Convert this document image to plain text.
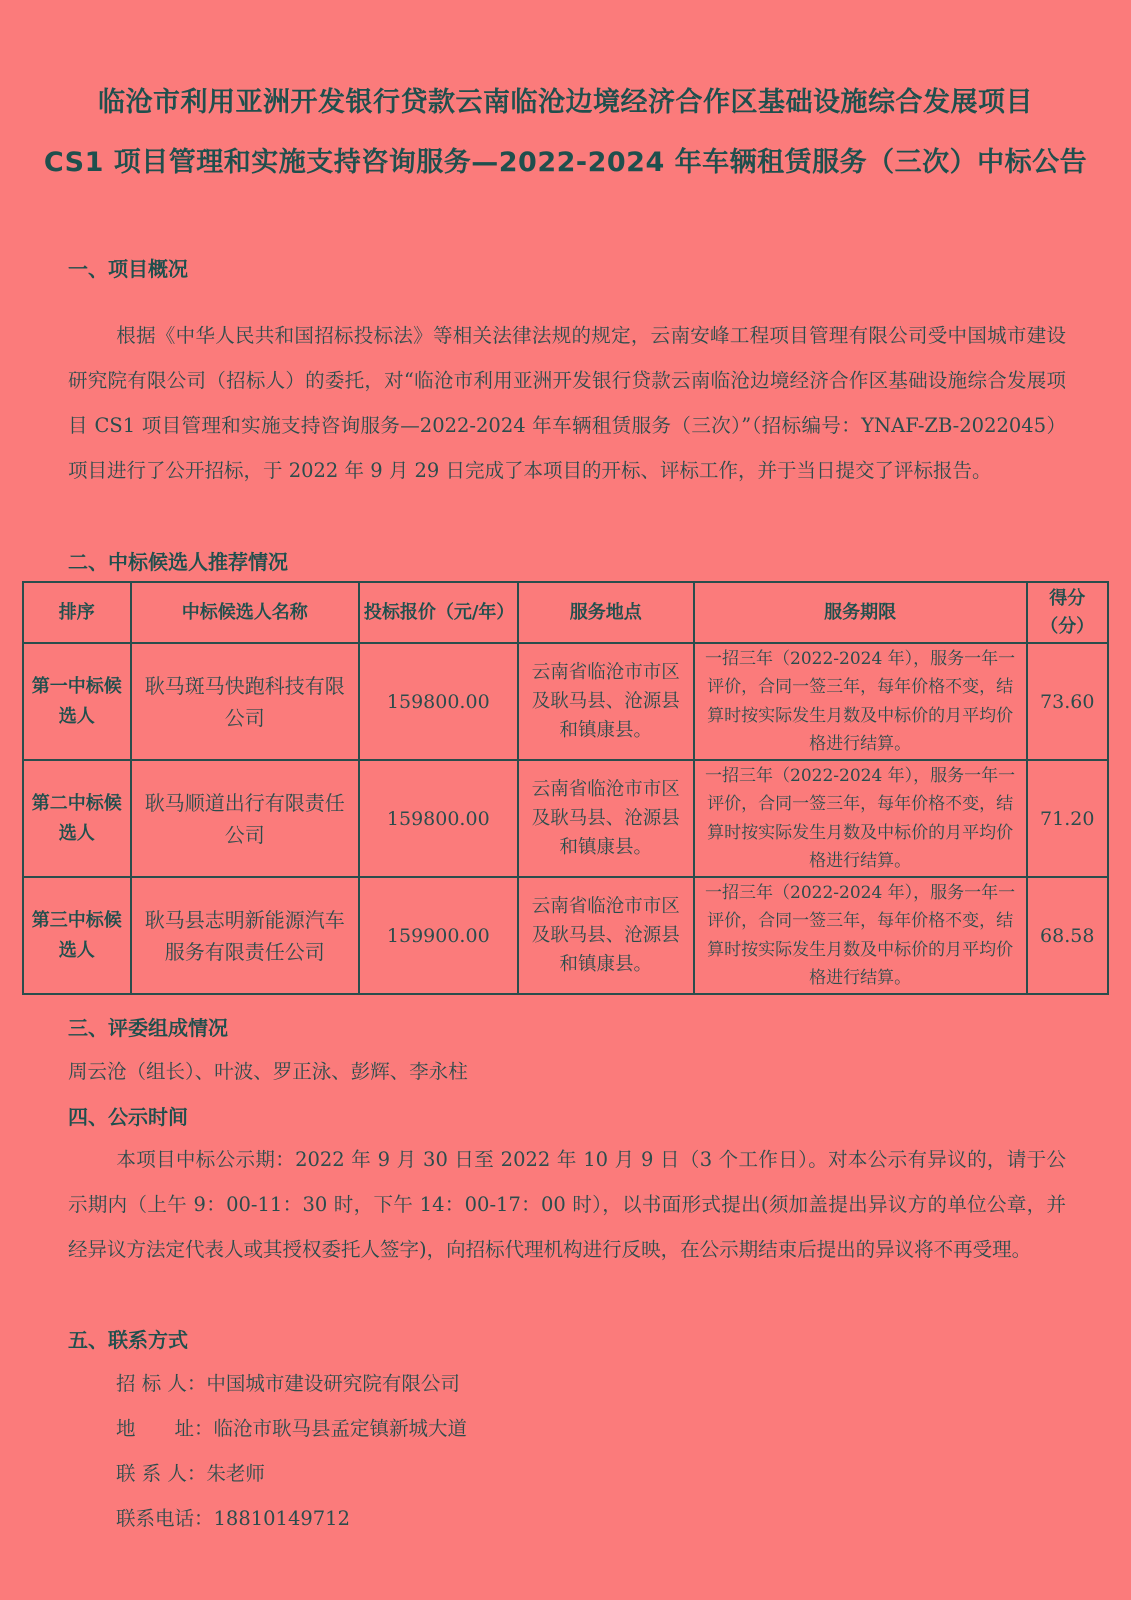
临沧市利用亚洲开发银行贷款云南临沧边境经济合作区基础设施综合发展项目
CS1 项目管理和实施支持咨询服务—2022-2024 年车辆租赁服务（三次）中标公告
一、项目概况
根据《中华人民共和国招标投标法》等相关法律法规的规定，云南安峰工程项目管理有限公司受中国城市建设研究院有限公司（招标人）的委托，对“临沧市利用亚洲开发银行贷款云南临沧边境经济合作区基础设施综合发展项目 CS1 项目管理和实施支持咨询服务—2022-2024 年车辆租赁服务（三次）”（招标编号：YNAF-ZB-2022045）项目进行了公开招标，于 2022 年 9 月 29 日完成了本项目的开标、评标工作，并于当日提交了评标报告。
二、中标候选人推荐情况
排序	中标候选人名称	投标报价（元/年）	服务地点	服务期限	得分（分）
第一中标候选人	耿马斑马快跑科技有限公司	159800.00	云南省临沧市市区及耿马县、沧源县和镇康县。	一招三年（2022-2024 年），服务一年一评价，合同一签三年，每年价格不变，结算时按实际发生月数及中标价的月平均价格进行结算。	73.60
第二中标候选人	耿马顺道出行有限责任公司	159800.00	云南省临沧市市区及耿马县、沧源县和镇康县。	一招三年（2022-2024 年），服务一年一评价，合同一签三年，每年价格不变，结算时按实际发生月数及中标价的月平均价格进行结算。	71.20
第三中标候选人	耿马县志明新能源汽车服务有限责任公司	159900.00	云南省临沧市市区及耿马县、沧源县和镇康县。	一招三年（2022-2024 年），服务一年一评价，合同一签三年，每年价格不变，结算时按实际发生月数及中标价的月平均价格进行结算。	68.58
三、评委组成情况
周云沧（组长）、叶波、罗正泳、彭辉、李永柱
四、公示时间
本项目中标公示期：2022 年 9 月 30 日至 2022 年 10 月 9 日（3 个工作日）。对本公示有异议的，请于公示期内（上午 9：00-11：30 时，下午 14：00-17：00 时），以书面形式提出(须加盖提出异议方的单位公章，并经异议方法定代表人或其授权委托人签字)，向招标代理机构进行反映，在公示期结束后提出的异议将不再受理。
五、联系方式
招 标 人：中国城市建设研究院有限公司
地　　址：临沧市耿马县孟定镇新城大道
联 系 人：朱老师
联系电话：18810149712
